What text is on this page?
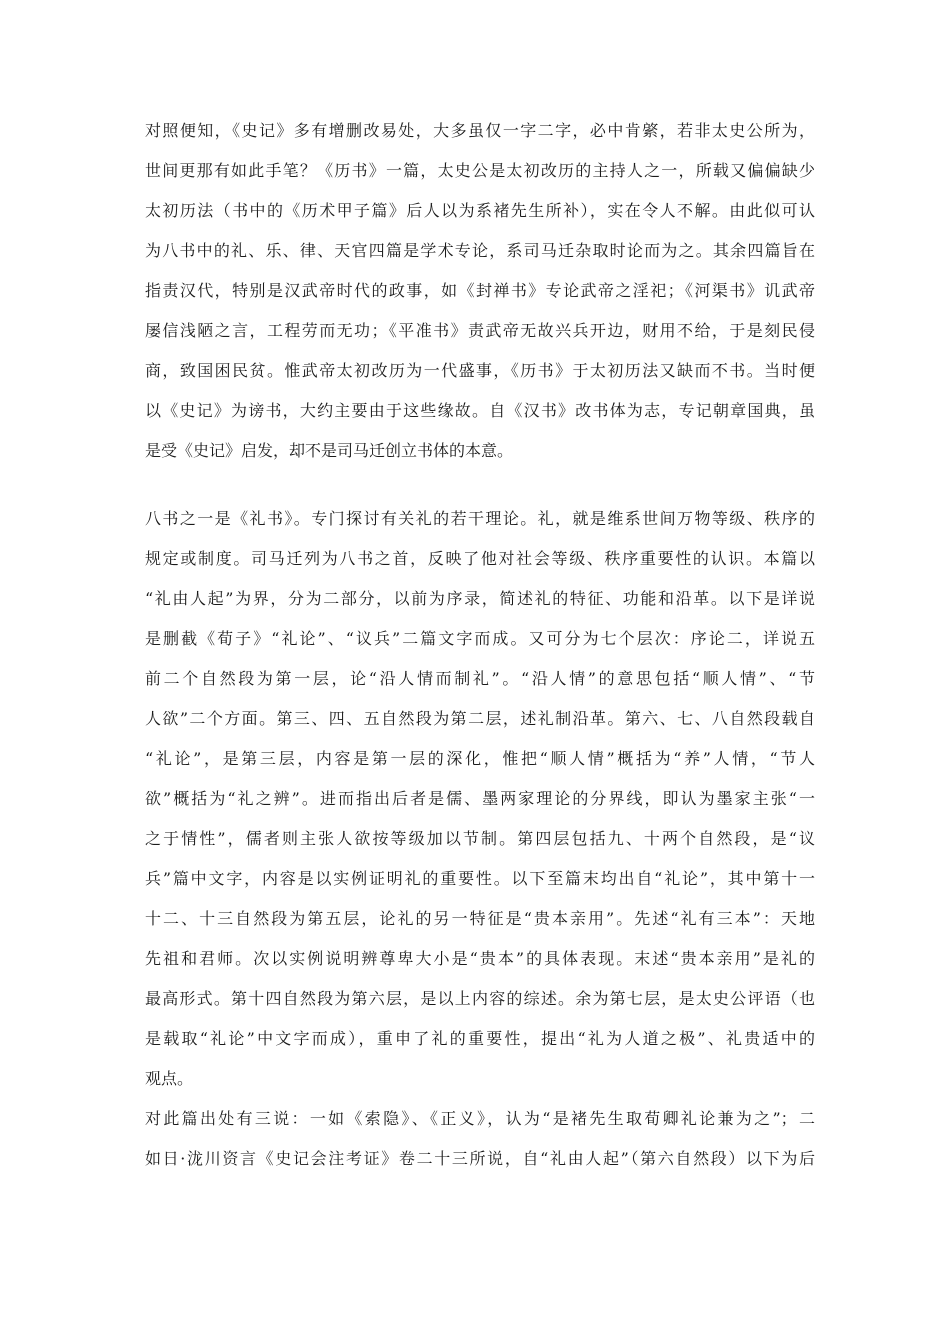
对照便知，《史记》多有增删改易处，大多虽仅一字二字，必中肯綮，若非太史公所为，
世间更那有如此手笔？《历书》一篇，太史公是太初改历的主持人之一，所载又偏偏缺少
太初历法（书中的《历术甲子篇》后人以为系褚先生所补），实在令人不解。由此似可认
为八书中的礼、乐、律、天官四篇是学术专论，系司马迁杂取时论而为之。其余四篇旨在
指责汉代，特别是汉武帝时代的政事，如《封禅书》专论武帝之淫祀；《河渠书》讥武帝
屡信浅陋之言，工程劳而无功；《平准书》责武帝无故兴兵开边，财用不给，于是刻民侵
商，致国困民贫。惟武帝太初改历为一代盛事，《历书》于太初历法又缺而不书。当时便
以《史记》为谤书，大约主要由于这些缘故。自《汉书》改书体为志，专记朝章国典，虽
是受《史记》启发，却不是司马迁创立书体的本意。
八书之一是《礼书》。专门探讨有关礼的若干理论。礼，就是维系世间万物等级、秩序的
规定或制度。司马迁列为八书之首，反映了他对社会等级、秩序重要性的认识。本篇以
“礼由人起”为界，分为二部分，以前为序录，简述礼的特征、功能和沿革。以下是详说
是删截《荀子》“礼论”、“议兵”二篇文字而成。又可分为七个层次：序论二，详说五
前二个自然段为第一层，论“沿人情而制礼”。“沿人情”的意思包括“顺人情”、“节
人欲”二个方面。第三、四、五自然段为第二层，述礼制沿革。第六、七、八自然段载自
“礼论”，是第三层，内容是第一层的深化，惟把“顺人情”概括为“养”人情，“节人
欲”概括为“礼之辨”。进而指出后者是儒、墨两家理论的分界线，即认为墨家主张“一
之于情性”，儒者则主张人欲按等级加以节制。第四层包括九、十两个自然段，是“议
兵”篇中文字，内容是以实例证明礼的重要性。以下至篇末均出自“礼论”，其中第十一
十二、十三自然段为第五层，论礼的另一特征是“贵本亲用”。先述“礼有三本”：天地
先祖和君师。次以实例说明辨尊卑大小是“贵本”的具体表现。末述“贵本亲用”是礼的
最高形式。第十四自然段为第六层，是以上内容的综述。余为第七层，是太史公评语（也
是载取“礼论”中文字而成），重申了礼的重要性，提出“礼为人道之极”、礼贵适中的
观点。
对此篇出处有三说：一如《索隐》、《正义》，认为“是褚先生取荀卿礼论兼为之”；二
如日·泷川资言《史记会注考证》卷二十三所说，自“礼由人起”（第六自然段）以下为后
